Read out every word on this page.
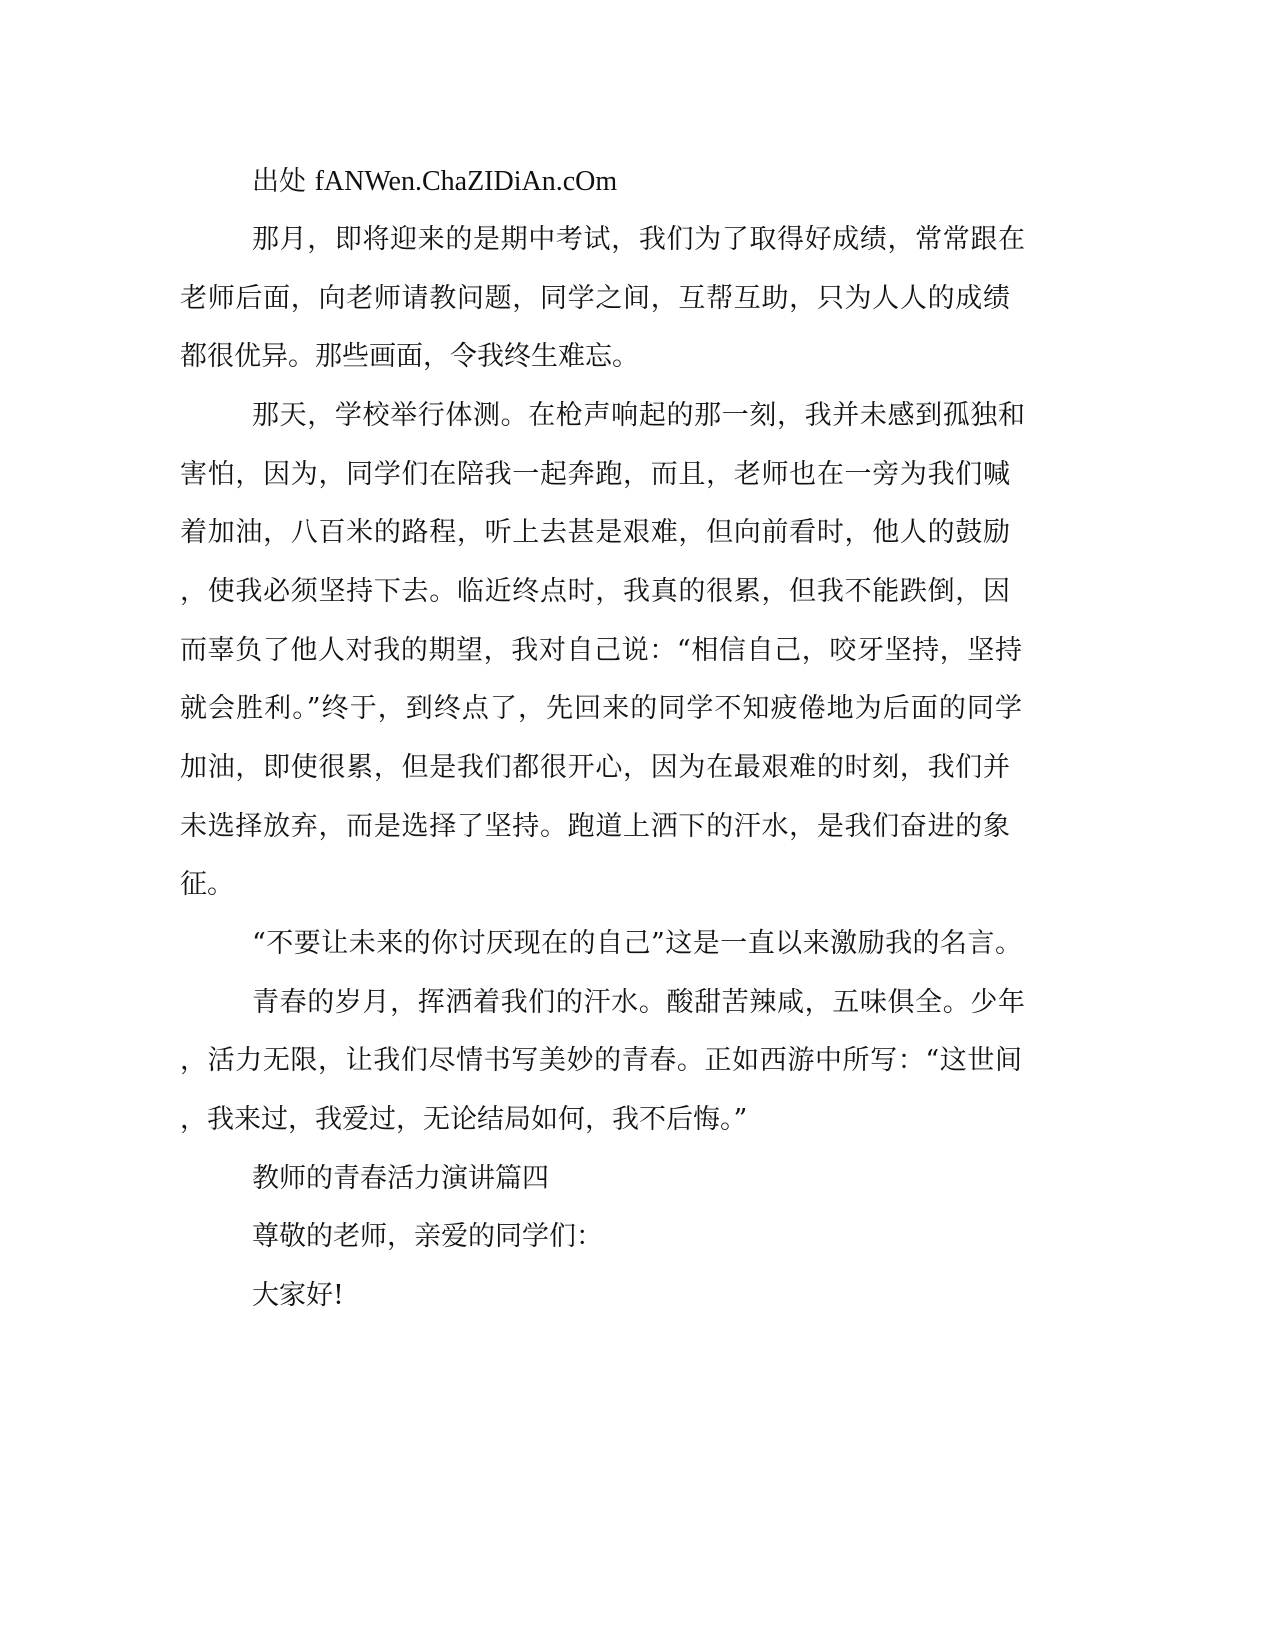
出处 fANWen.ChaZIDiAn.cOm
那月，即将迎来的是期中考试，我们为了取得好成绩，常常跟在
老师后面，向老师请教问题，同学之间，互帮互助，只为人人的成绩
都很优异。那些画面，令我终生难忘。
那天，学校举行体测。在枪声响起的那一刻，我并未感到孤独和
害怕，因为，同学们在陪我一起奔跑，而且，老师也在一旁为我们喊
着加油，八百米的路程，听上去甚是艰难，但向前看时，他人的鼓励
，使我必须坚持下去。临近终点时，我真的很累，但我不能跌倒，因
而辜负了他人对我的期望，我对自己说：“相信自己，咬牙坚持，坚持
就会胜利。”终于，到终点了，先回来的同学不知疲倦地为后面的同学
加油，即使很累，但是我们都很开心，因为在最艰难的时刻，我们并
未选择放弃，而是选择了坚持。跑道上洒下的汗水，是我们奋进的象
征。
“不要让未来的你讨厌现在的自己”这是一直以来激励我的名言。
青春的岁月，挥洒着我们的汗水。酸甜苦辣咸，五味俱全。少年
，活力无限，让我们尽情书写美妙的青春。正如西游中所写：“这世间
，我来过，我爱过，无论结局如何，我不后悔。”
教师的青春活力演讲篇四
尊敬的老师，亲爱的同学们：
大家好!
